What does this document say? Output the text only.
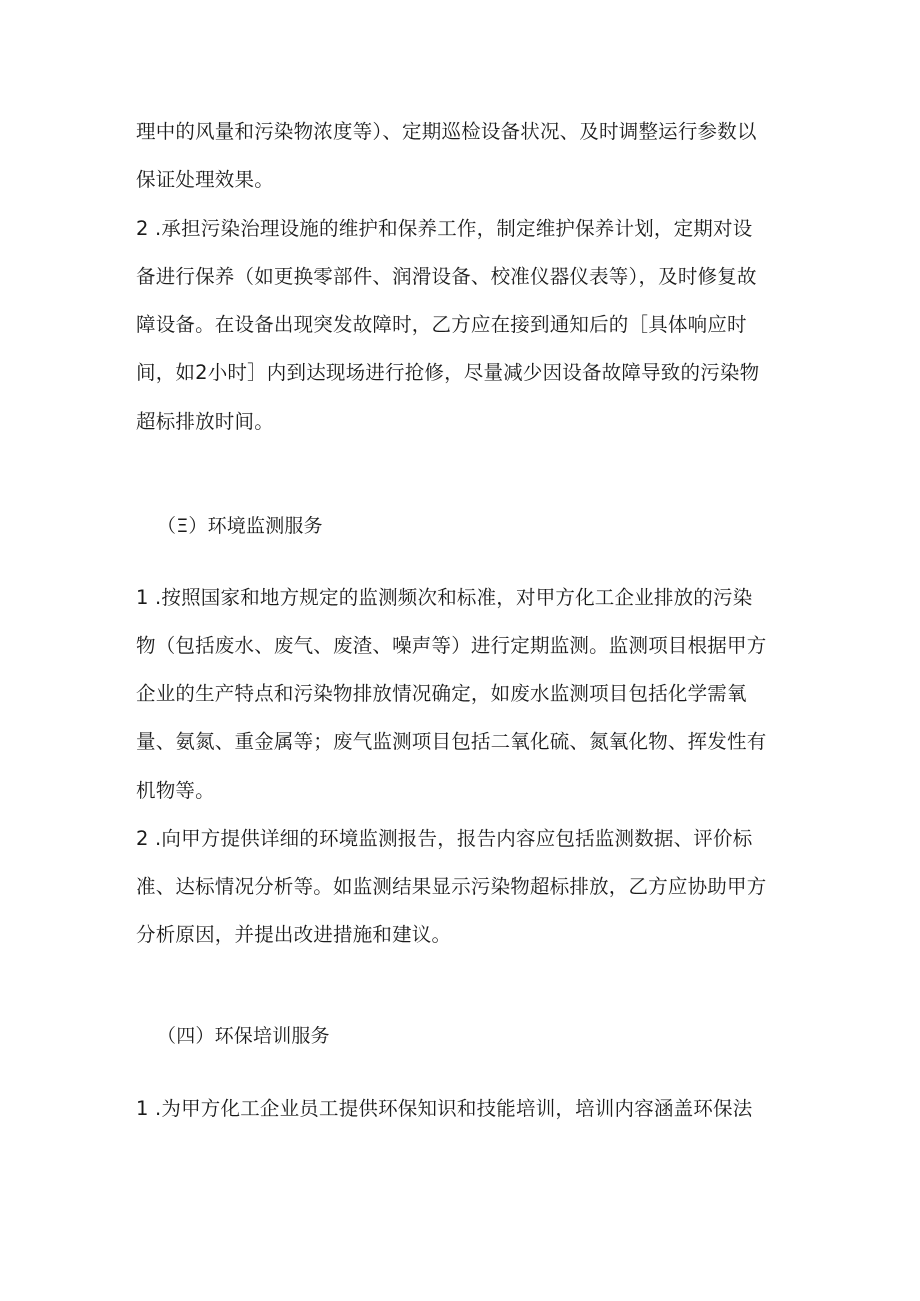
理中的风量和污染物浓度等）、定期巡检设备状况、及时调整运行参数以
保证处理效果。
2 .承担污染治理设施的维护和保养工作，制定维护保养计划，定期对设
备进行保养（如更换零部件、润滑设备、校准仪器仪表等），及时修复故
障设备。在设备出现突发故障时，乙方应在接到通知后的［具体响应时
间，如2小时］内到达现场进行抢修，尽量减少因设备故障导致的污染物
超标排放时间。
（Ξ）环境监测服务
1 .按照国家和地方规定的监测频次和标准，对甲方化工企业排放的污染
物（包括废水、废气、废渣、噪声等）进行定期监测。监测项目根据甲方
企业的生产特点和污染物排放情况确定，如废水监测项目包括化学需氧
量、氨氮、重金属等；废气监测项目包括二氧化硫、氮氧化物、挥发性有
机物等。
2 .向甲方提供详细的环境监测报告，报告内容应包括监测数据、评价标
准、达标情况分析等。如监测结果显示污染物超标排放，乙方应协助甲方
分析原因，并提出改进措施和建议。
（四）环保培训服务
1 .为甲方化工企业员工提供环保知识和技能培训，培训内容涵盖环保法
